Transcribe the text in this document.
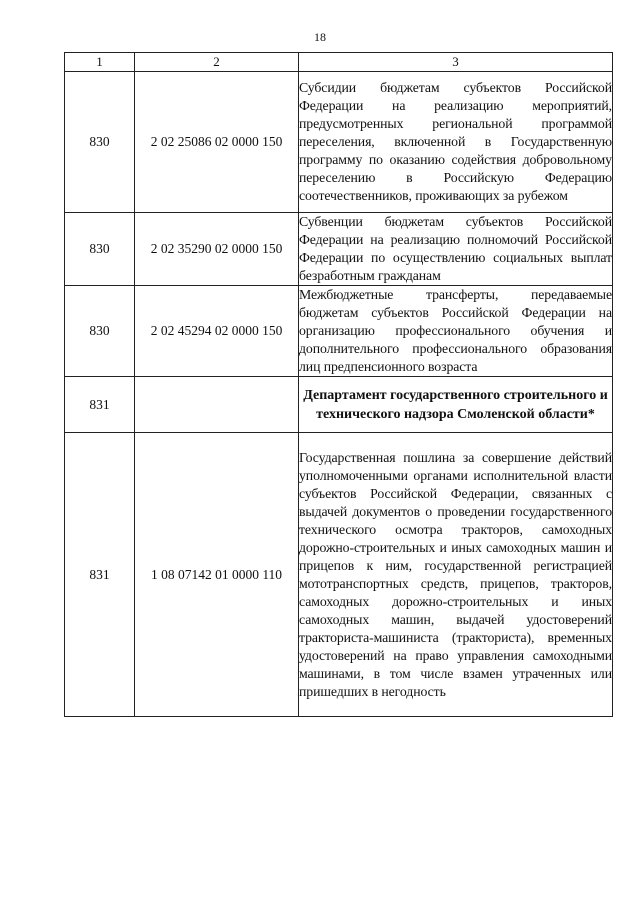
18
1	2	3
830	2 02 25086 02 0000 150	Субсидии бюджетам субъектов Российской Федерации на реализацию мероприятий, предусмотренных региональной программой переселения, включенной в Государственную программу по оказанию содействия добровольному переселению в Российскую Федерацию соотечественников, проживающих за рубежом

830	2 02 35290 02 0000 150	Субвенции бюджетам субъектов Российской Федерации на реализацию полномочий Российской Федерации по осуществлению социальных выплат безработным гражданам

830	2 02 45294 02 0000 150	Межбюджетные трансферты, передаваемые бюджетам субъектов Российской Федерации на организацию профессионального обучения и дополнительного профессионального образования лиц предпенсионного возраста

831		Департамент государственного строительного и технического надзора Смоленской области*

831	1 08 07142 01 0000 110	Государственная пошлина за совершение действий уполномоченными органами исполнительной власти субъектов Российской Федерации, связанных с выдачей документов о проведении государственного технического осмотра тракторов, самоходных дорожно-строительных и иных самоходных машин и прицепов к ним, государственной регистрацией мототранспортных средств, прицепов, тракторов, самоходных дорожно-строительных и иных самоходных машин, выдачей удостоверений тракториста-машиниста (тракториста), временных удостоверений на право управления самоходными машинами, в том числе взамен утраченных или пришедших в негодность
